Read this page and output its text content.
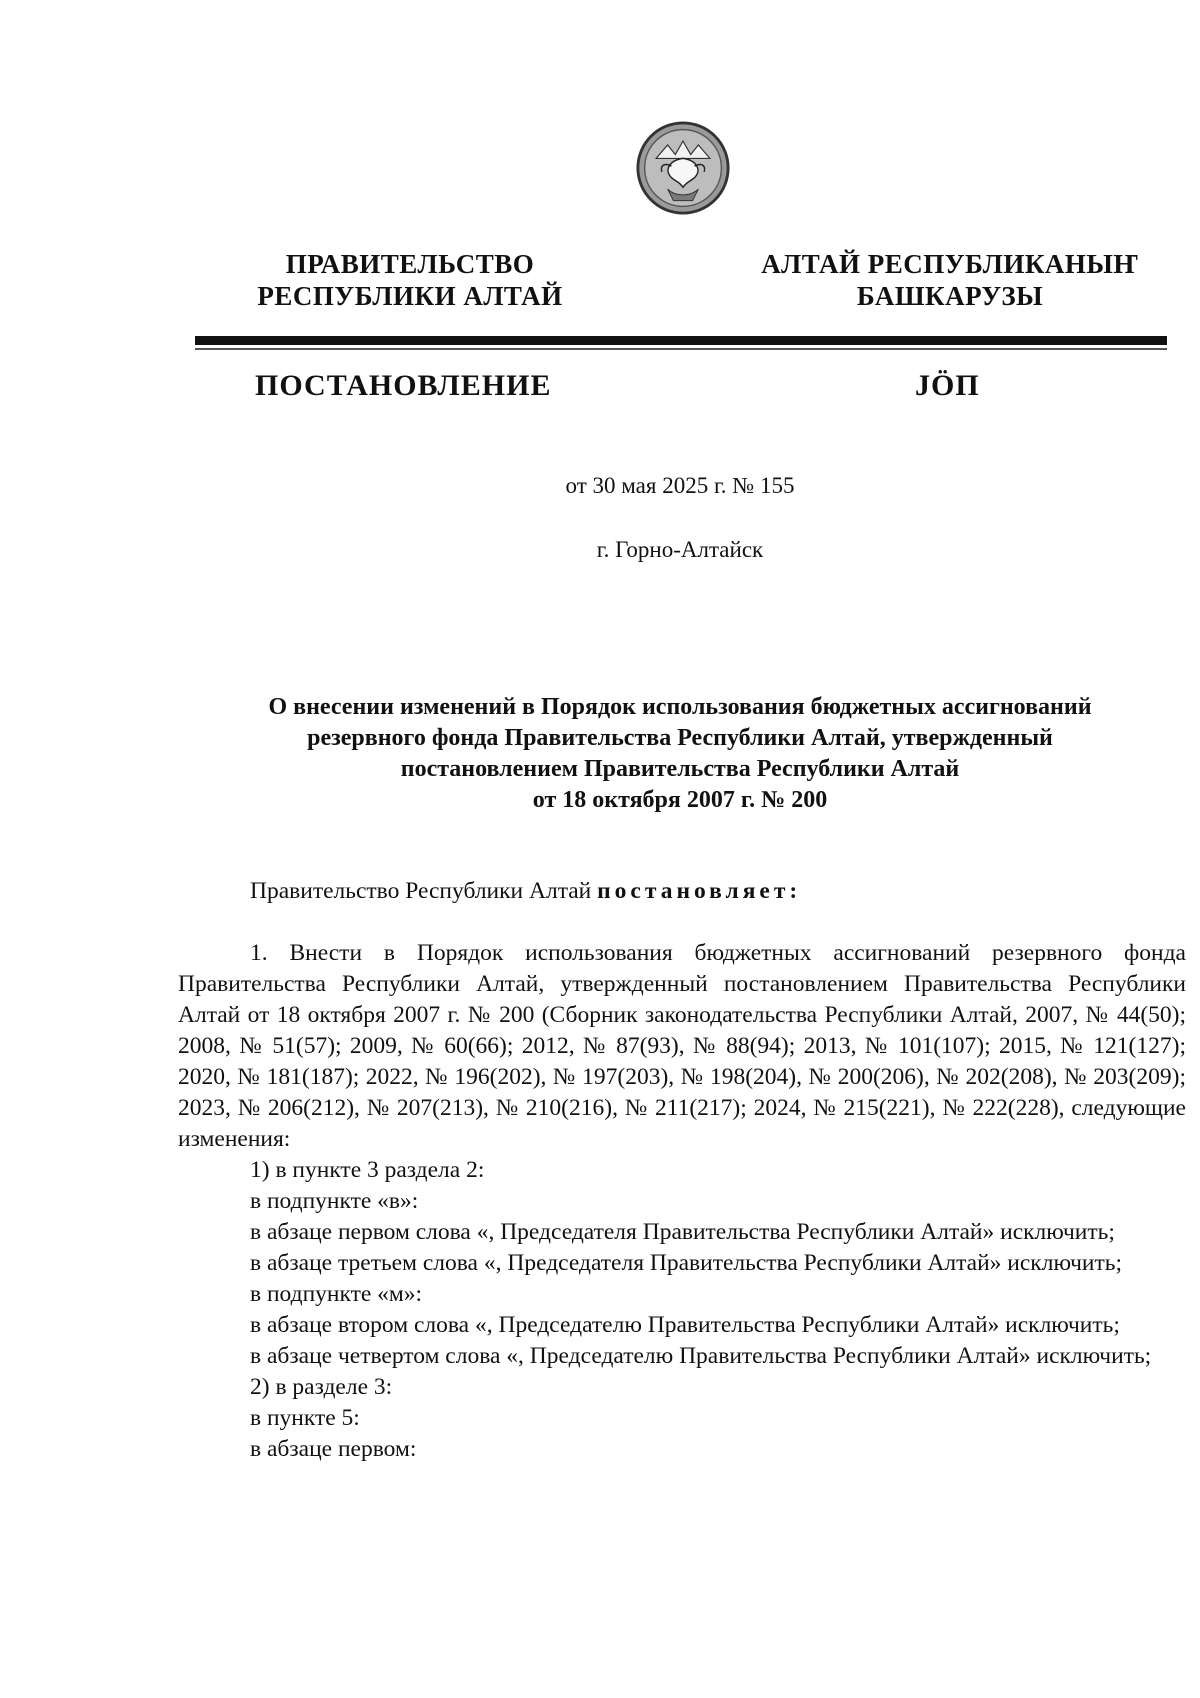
ПРАВИТЕЛЬСТВО
РЕСПУБЛИКИ АЛТАЙ
АЛТАЙ РЕСПУБЛИКАНЫҤ
БАШКАРУЗЫ
ПОСТАНОВЛЕНИЕ	JӦП
от 30 мая 2025 г. № 155
г. Горно-Алтайск
О внесении изменений в Порядок использования бюджетных ассигнований
резервного фонда Правительства Республики Алтай, утвержденный
постановлением Правительства Республики Алтай
от 18 октября 2007 г. № 200
Правительство Республики Алтай постановляет:

1. Внести в Порядок использования бюджетных ассигнований резервного фонда Правительства Республики Алтай, утвержденный постановлением Правительства Республики Алтай от 18 октября 2007 г. № 200 (Сборник законодательства Республики Алтай, 2007, № 44(50); 2008, № 51(57); 2009, № 60(66); 2012, № 87(93), № 88(94); 2013, № 101(107); 2015, № 121(127); 2020, № 181(187); 2022, № 196(202), № 197(203), № 198(204), № 200(206), № 202(208), № 203(209); 2023, № 206(212), № 207(213), № 210(216), № 211(217); 2024, № 215(221), № 222(228), следующие изменения:

1) в пункте 3 раздела 2:

в подпункте «в»:

в абзаце первом слова «, Председателя Правительства Республики Алтай» исключить;

в абзаце третьем слова «, Председателя Правительства Республики Алтай» исключить;

в подпункте «м»:

в абзаце втором слова «, Председателю Правительства Республики Алтай» исключить;

в абзаце четвертом слова «, Председателю Правительства Республики Алтай» исключить;

2) в разделе 3:

в пункте 5:

в абзаце первом:
